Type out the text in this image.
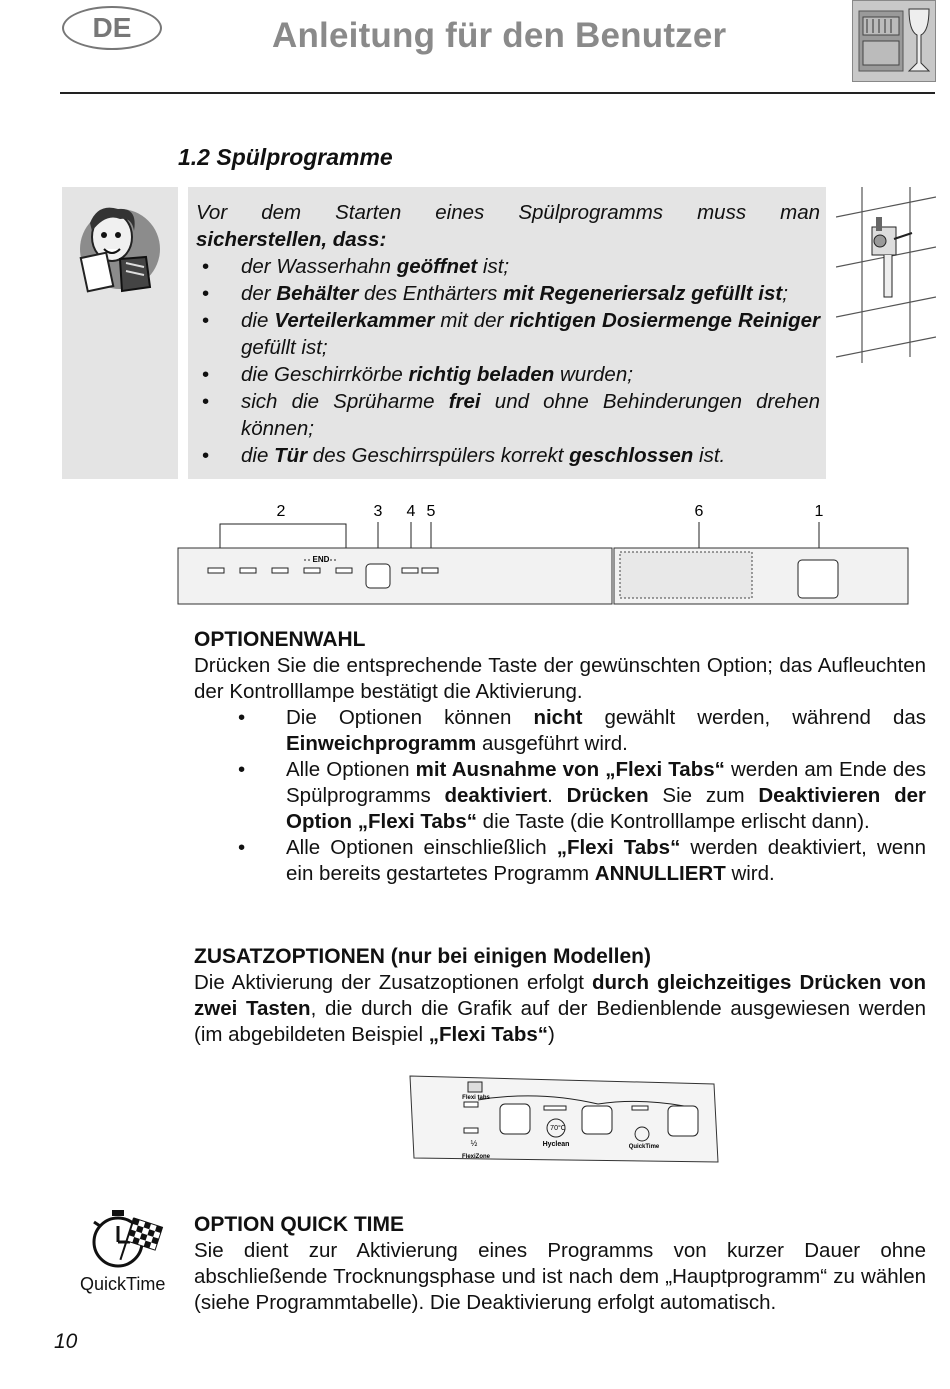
DE	Anleitung für den Benutzer
1.2 Spülprogramme
Vor dem Starten eines Spülprogramms muss man
sicherstellen, dass:
• der Wasserhahn geöffnet ist;
• der Behälter des Enthärters mit Regeneriersalz gefüllt ist;
• die Verteilerkammer mit der richtigen Dosiermenge Reiniger gefüllt ist;
• die Geschirrkörbe richtig beladen wurden;
• sich die Sprüharme frei und ohne Behinderungen drehen können;
• die Tür des Geschirrspülers korrekt geschlossen ist.
2	3 4 5	6	1
END
OPTIONENWAHL
Drücken Sie die entsprechende Taste der gewünschten Option; das Aufleuchten der Kontrolllampe bestätigt die Aktivierung.
• Die Optionen können nicht gewählt werden, während das Einweichprogramm ausgeführt wird.
• Alle Optionen mit Ausnahme von „Flexi Tabs“ werden am Ende des Spülprogramms deaktiviert. Drücken Sie zum Deaktivieren der Option „Flexi Tabs“ die Taste (die Kontrolllampe erlischt dann).
• Alle Optionen einschließlich „Flexi Tabs“ werden deaktiviert, wenn ein bereits gestartetes Programm ANNULLIERT wird.
ZUSATZOPTIONEN (nur bei einigen Modellen)
Die Aktivierung der Zusatzoptionen erfolgt durch gleichzeitiges Drücken von zwei Tasten, die durch die Grafik auf der Bedienblende ausgewiesen werden (im abgebildeten Beispiel „Flexi Tabs“)
Flexi tabs
FlexiZone
Hyclean	QuickTime
70°C
½
QuickTime
OPTION QUICK TIME
Sie dient zur Aktivierung eines Programms von kurzer Dauer ohne abschließende Trocknungsphase und ist nach dem „Hauptprogramm“ zu wählen (siehe Programmtabelle). Die Deaktivierung erfolgt automatisch.
10
